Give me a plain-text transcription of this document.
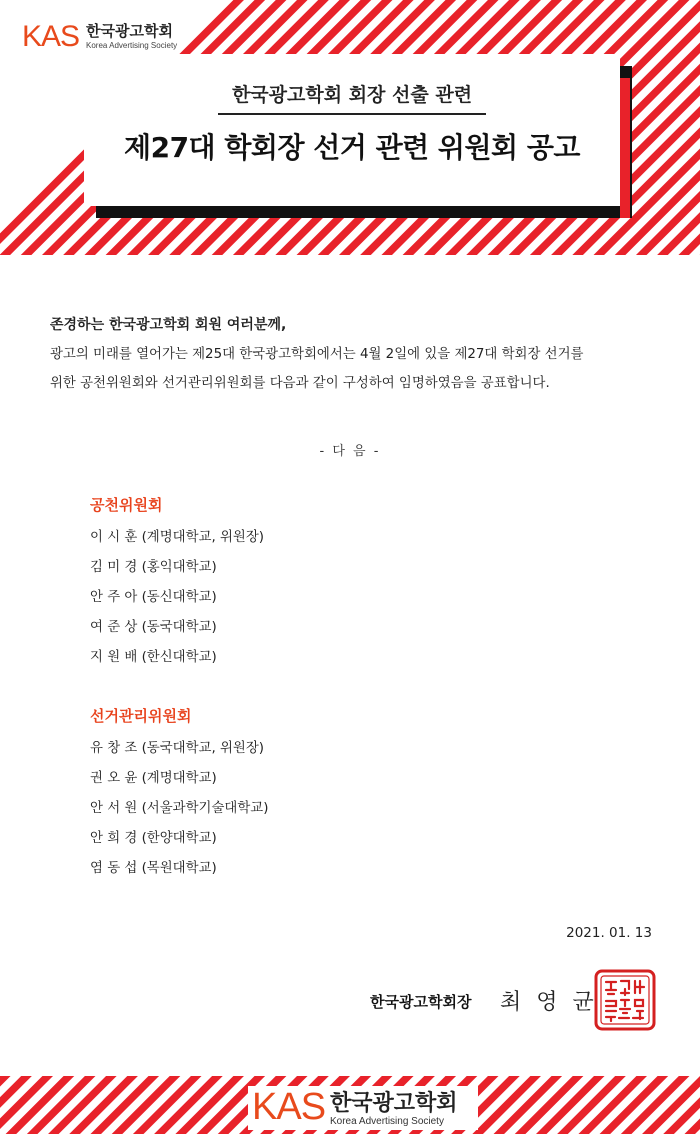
KAS 한국광고학회
Korea Advertising Society
한국광고학회 회장 선출 관련
제27대 학회장 선거 관련 위원회 공고
존경하는 한국광고학회 회원 여러분께,
광고의 미래를 열어가는 제25대 한국광고학회에서는 4월 2일에 있을 제27대 학회장 선거를
위한 공천위원회와 선거관리위원회를 다음과 같이 구성하여 임명하였음을 공표합니다.
- 다 음 -
공천위원회
이 시 훈 (계명대학교, 위원장)
김 미 경 (홍익대학교)
안 주 아 (동신대학교)
여 준 상 (동국대학교)
지 원 배 (한신대학교)
선거관리위원회
유 창 조 (동국대학교, 위원장)
권 오 윤 (계명대학교)
안 서 원 (서울과학기술대학교)
안 희 경 (한양대학교)
염 동 섭 (목원대학교)
2021. 01. 13
한국광고학회장 최 영 균
KAS 한국광고학회
Korea Advertising Society
